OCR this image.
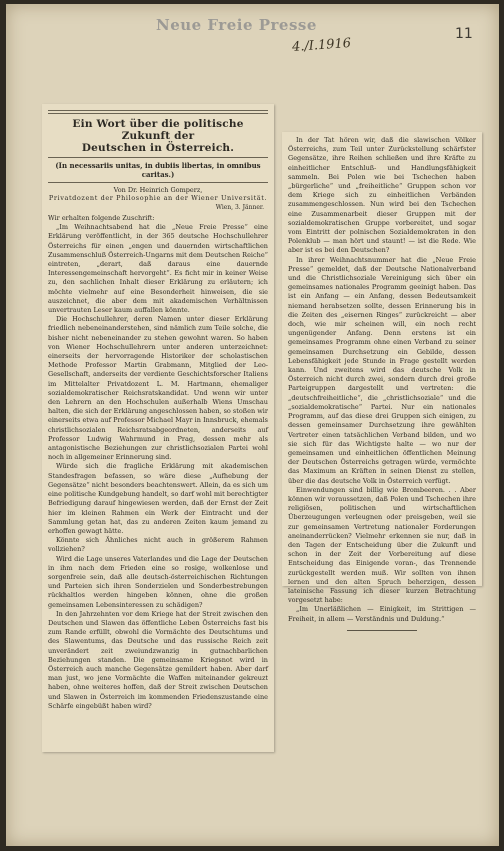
Neue Freie Presse
4./I.1916
11
Ein Wort über die politische Zukunft der
Deutschen in Österreich.
(In necessariis unitas, in dubiis libertas, in omnibus caritas.)
Von Dr. Heinrich Gomperz,
Privatdozent der Philosophie an der Wiener Universität.
Wien, 3. Jänner.

Wir erhalten folgende Zuschrift:

„Im Weihnachtsabend hat die „Neue Freie Presse“ eine Erklärung veröffentlicht, in der 365 deutsche Hochschullehrer Österreichs für einen „engen und dauernden wirtschaftlichen Zusammenschluß Österreich-Ungarns mit dem Deutschen Reiche“ eintreten, „derart, daß daraus eine dauernde Interessengemeinschaft hervorgeht“. Es ficht mir in keiner Weise zu, den sachlichen Inhalt dieser Erklärung zu erläutern; ich möchte vielmehr auf eine Besonderheit hinweisen, die sie auszeichnet, die aber dem mit akademischen Verhältnissen unvertrauten Leser kaum auffallen könnte.

Die Hochschullehrer, deren Namen unter dieser Erklärung friedlich nebeneinanderstehen, sind nämlich zum Teile solche, die bisher nicht nebeneinander zu stehen gewohnt waren. So haben von Wiener Hochschullehrern unter anderen unterzeichnet: einerseits der hervorragende Historiker der scholastischen Methode Professor Martin Grabmann, Mitglied der Leo-Gesellschaft, anderseits der verdiente Geschichtsforscher Italiens im Mittelalter Privatdozent L. M. Hartmann, ehemaliger sozialdemokratischer Reichsratskandidat. Und wenn wir unter den Lehrern an den Hochschulen außerhalb Wiens Umschau halten, die sich der Erklärung angeschlossen haben, so stoßen wir einerseits etwa auf Professor Michael Mayr in Innsbruck, ehemals christlichsozialen Reichsratsabgeordneten, anderseits auf Professor Ludwig Wahrmund in Prag, dessen mehr als antagonistische Beziehungen zur christlichsozialen Partei wohl noch in allgemeiner Erinnerung sind.

Würde sich die fragliche Erklärung mit akademischen Standesfragen befassen, so wäre diese „Aufhebung der Gegensätze“ nicht besonders beachtenswert. Allein, da es sich um eine politische Kundgebung handelt, so darf wohl mit berechtigter Befriedigung darauf hingewiesen werden, daß der Ernst der Zeit hier im kleinen Rahmen ein Werk der Eintracht und der Sammlung getan hat, das zu anderen Zeiten kaum jemand zu erhoffen gewagt hätte.

Könnte sich Ähnliches nicht auch in größerem Rahmen vollziehen?

Wird die Lage unseres Vaterlandes und die Lage der Deutschen in ihm nach dem Frieden eine so rosige, wolkenlose und sorgenfreie sein, daß alle deutsch-österreichischen Richtungen und Parteien sich ihren Sonderzielen und Sonderbestrebungen rückhaltlos werden hingeben können, ohne die großen gemeinsamen Lebensinteressen zu schädigen?

In den Jahrzehnten vor dem Kriege hat der Streit zwischen den Deutschen und Slawen das öffentliche Leben Österreichs fast bis zum Rande erfüllt, obwohl die Vormächte des Deutschtums und des Slawentums, das Deutsche und das russische Reich zeit unverändert zeit zweiundzwanzig in gutnachbarlichen Beziehungen standen. Die gemeinsame Kriegsnot wird in Österreich auch manche Gegensätze gemildert haben. Aber darf man just, wo jene Vormächte die Waffen miteinander gekreuzt haben, ohne weiteres hoffen, daß der Streit zwischen Deutschen und Slawen in Österreich im kommenden Friedenszustande eine Schärfe eingebüßt haben wird?

In der Tat hören wir, daß die slawischen Völker Österreichs, zum Teil unter Zurückstellung schärfster Gegensätze, ihre Reihen schließen und ihre Kräfte zu einheitlicher Entschluß- und Handlungsfähigkeit sammeln. Bei Polen wie bei Tschechen haben „bürgerliche“ und „freiheitliche“ Gruppen schon vor dem Kriege sich zu einheitlichen Verbänden zusammengeschlossen. Nun wird bei den Tschechen eine Zusammenarbeit dieser Gruppen mit der sozialdemokratischen Gruppe vorbereitet, und sogar vom Eintritt der polnischen Sozialdemokraten in den Polenklub — man hört und staunt! — ist die Rede. Wie aber ist es bei den Deutschen?

In ihrer Weihnachtsnummer hat die „Neue Freie Presse“ gemeldet, daß der Deutsche Nationalverband und die Christlichsoziale Vereinigung sich über ein gemeinsames nationales Programm geeinigt haben. Das ist ein Anfang — ein Anfang, dessen Bedeutsamkeit niemand herabsetzen sollte, dessen Erinnerung bis in die Zeiten des „eisernen Ringes“ zurückreicht — aber doch, wie mir scheinen will, ein noch recht ungenügender Anfang. Denn erstens ist ein gemeinsames Programm ohne einen Verband zu seiner gemeinsamen Durchsetzung ein Gebilde, dessen Lebensfähigkeit jede Stunde in Frage gestellt werden kann. Und zweitens wird das deutsche Volk in Österreich nicht durch zwei, sondern durch drei große Parteigruppen dargestellt und vertreten: die „deutschfreiheitliche“, die „christlichsoziale“ und die „sozialdemokratische“ Partei. Nur ein nationales Programm, auf das diese drei Gruppen sich einigen, zu dessen gemeinsamer Durchsetzung ihre gewählten Vertreter einen tatsächlichen Verband bilden, und wo sie sich für das Wichtigste halte — wo nur der gemeinsamen und einheitlichen öffentlichen Meinung der Deutschen Österreichs getragen würde, vermöchte das Maximum an Kräften in seinen Dienst zu stellen, über die das deutsche Volk in Österreich verfügt.

Einwendungen sind billig wie Brombeeren. . . Aber können wir voraussetzen, daß Polen und Tschechen ihre religiösen, politischen und wirtschaftlichen Überzeugungen verleugnen oder preisgeben, weil sie zur gemeinsamen Vertretung nationaler Forderungen aneinanderrücken? Vielmehr erkennen sie nur, daß in den Tagen der Entscheidung über die Zukunft und schon in der Zeit der Vorbereitung auf diese Entscheidung das Einigende voran-, das Trennende zurückgestellt werden muß. Wir sollten von ihnen lernen und den alten Spruch beherzigen, dessen lateinische Fassung ich dieser kurzen Betrachtung vorgesetzt habe:

„Im Unerläßlichen — Einigkeit, im Strittigen — Freiheit, in allem — Verständnis und Duldung.“
